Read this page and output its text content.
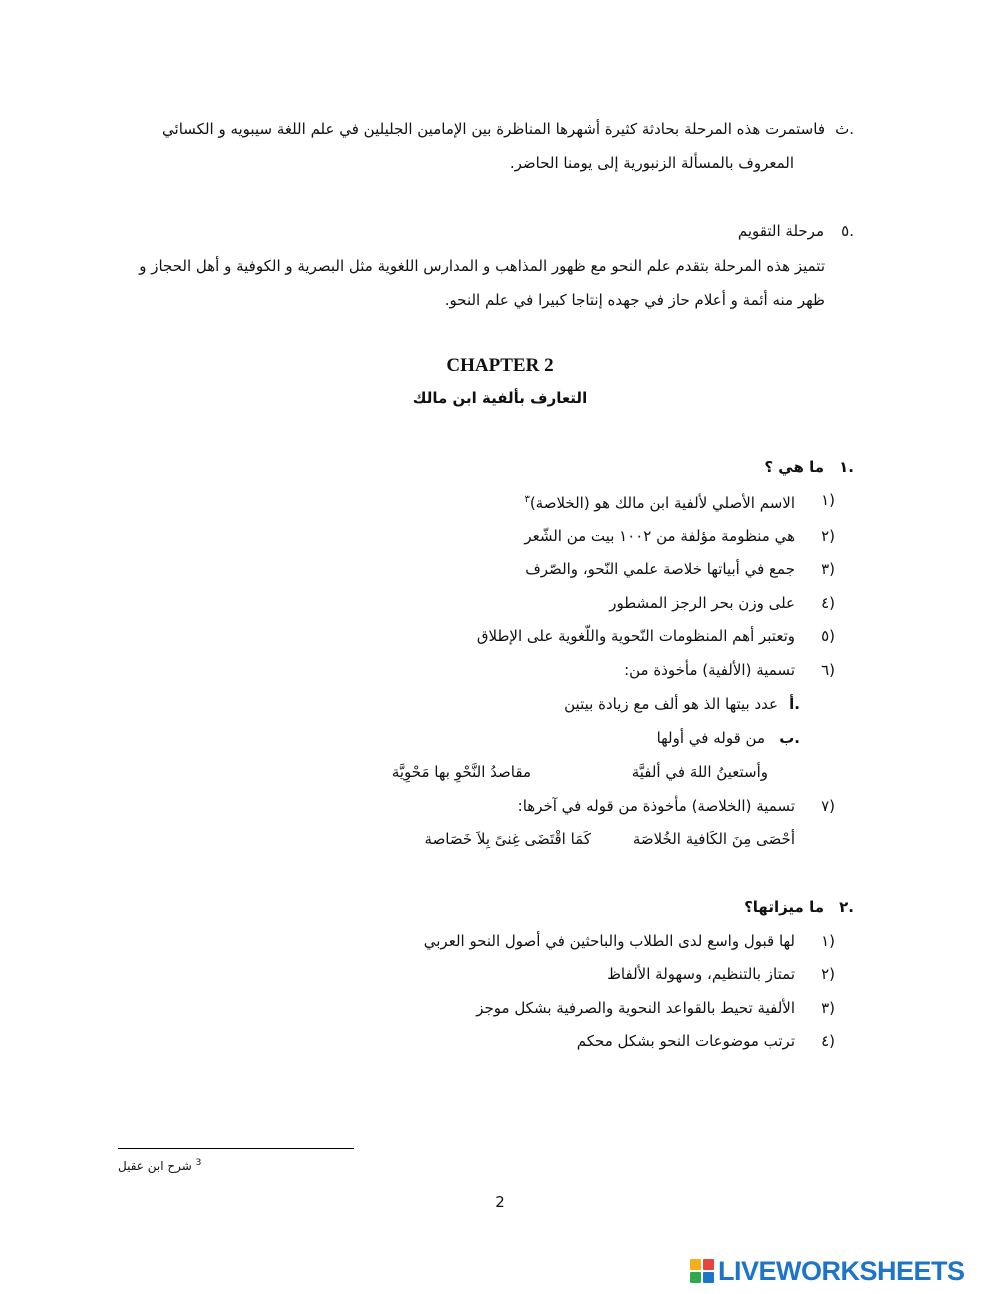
ث.
فاستمرت هذه المرحلة بحادثة كثيرة أشهرها المناظرة بين الإمامين الجليلين في علم اللغة سيبويه و الكسائي
المعروف بالمسألة الزنبورية إلى يومنا الحاضر.
٥.
مرحلة التقويم
تتميز هذه المرحلة بتقدم علم النحو مع ظهور المذاهب و المدارس اللغوية مثل البصرية و الكوفية و أهل الحجاز و
ظهر منه أئمة و أعلام حاز في جهده إنتاجا كبيرا في علم النحو.
CHAPTER 2
التعارف بألفية ابن مالك
١.
ما هي ؟
١)
الاسم الأصلي لألفية ابن مالك هو (الخلاصة)$^٣$
٢)
هي منظومة مؤلفة من ١٠٠٢ بيت من الشّعر
٣)
جمع في أبياتها خلاصة علمي النّحو، والصّرف
٤)
على وزن بحر الرجز المشطور
٥)
وتعتبر أهم المنظومات النّحوية واللّغوية على الإطلاق
٦)
تسمية (الألفية) مأخوذة من:
أ.
عدد بيتها الذ هو ألف مع زيادة بيتين
ب.
من قوله في أولها
وأستعينُ اللهَ في ألفيَّة
مقاصدُ النَّحْوِ بها مَحْوِيَّة
٧)
تسمية (الخلاصة) مأخوذة من قوله في آخرها:
أحْصَى مِنَ الكَافية الخُلاصَة
كَمَا اقْتَضَى غِنىً بِلاَ خَصَاصة
٢.
ما ميزاتها؟
١)
لها قبول واسع لدى الطلاب والباحثين في أصول النحو العربي
٢)
تمتاز بالتنظيم، وسهولة الألفاظ
٣)
الألفية تحيط بالقواعد النحوية والصرفية بشكل موجز
٤)
ترتب موضوعات النحو بشكل محكم
$^3$ شرح ابن عقيل
2
LIVEWORKSHEETS
